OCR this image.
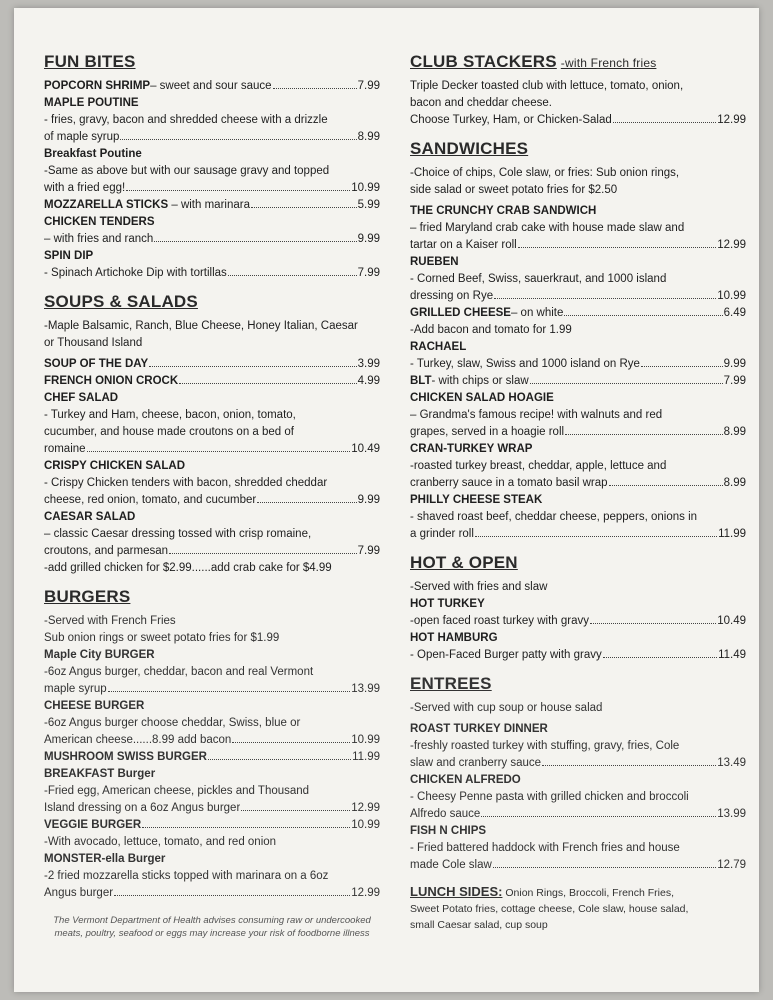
FUN BITES
POPCORN SHRIMP– sweet and sour sauce	7.99
MAPLE POUTINE
- fries, gravy, bacon and shredded cheese with a drizzle
of maple syrup	8.99
Breakfast Poutine
-Same as above but with our sausage gravy and topped
with a fried egg!	10.99
MOZZARELLA STICKS – with marinara	5.99
CHICKEN TENDERS
– with fries and ranch	9.99
SPIN DIP
- Spinach Artichoke Dip with tortillas	7.99
SOUPS & SALADS
-Maple Balsamic, Ranch, Blue Cheese, Honey Italian, Caesar
or Thousand Island
SOUP OF THE DAY	3.99
FRENCH ONION CROCK	4.99
CHEF SALAD
- Turkey and Ham, cheese, bacon, onion, tomato,
cucumber, and house made croutons on a bed of
romaine	10.49
CRISPY CHICKEN SALAD
- Crispy Chicken tenders with bacon, shredded cheddar
cheese, red onion, tomato, and cucumber	9.99
CAESAR SALAD
– classic Caesar dressing tossed with crisp romaine,
croutons, and parmesan	7.99
-add grilled chicken for $2.99......add crab cake for $4.99
BURGERS
-Served with French Fries
Sub onion rings or sweet potato fries for $1.99
Maple City BURGER
-6oz Angus burger, cheddar, bacon and real Vermont
maple syrup	13.99
CHEESE BURGER
-6oz Angus burger choose cheddar, Swiss, blue or
American cheese......8.99 add bacon	10.99
MUSHROOM SWISS BURGER	11.99
BREAKFAST Burger
-Fried egg, American cheese, pickles and Thousand
Island dressing on a 6oz Angus burger	12.99
VEGGIE BURGER	10.99
-With avocado, lettuce, tomato, and red onion
MONSTER-ella Burger
-2 fried mozzarella sticks topped with marinara on a 6oz
Angus burger	12.99
The Vermont Department of Health advises consuming raw or undercooked meats, poultry, seafood or eggs may increase your risk of foodborne illness
CLUB STACKERS -with French fries
Triple Decker toasted club with lettuce, tomato, onion,
bacon and cheddar cheese.
Choose Turkey, Ham, or Chicken-Salad	12.99
SANDWICHES
-Choice of chips, Cole slaw, or fries: Sub onion rings,
side salad or sweet potato fries for $2.50
THE CRUNCHY CRAB SANDWICH
– fried Maryland crab cake with house made slaw and
tartar on a Kaiser roll	12.99
RUEBEN
- Corned Beef, Swiss, sauerkraut, and 1000 island
dressing on Rye	10.99
GRILLED CHEESE– on white	6.49
-Add bacon and tomato for 1.99
RACHAEL
- Turkey, slaw, Swiss and 1000 island on Rye	9.99
BLT- with chips or slaw	7.99
CHICKEN SALAD HOAGIE
– Grandma's famous recipe! with walnuts and red
grapes, served in a hoagie roll	8.99
CRAN-TURKEY WRAP
-roasted turkey breast, cheddar, apple, lettuce and
cranberry sauce in a tomato basil wrap	8.99
PHILLY CHEESE STEAK
- shaved roast beef, cheddar cheese, peppers, onions in
a grinder roll	11.99
HOT & OPEN
-Served with fries and slaw
HOT TURKEY
-open faced roast turkey with gravy	10.49
HOT HAMBURG
- Open-Faced Burger patty with gravy	11.49
ENTREES
-Served with cup soup or house salad
ROAST TURKEY DINNER
-freshly roasted turkey with stuffing, gravy, fries, Cole
slaw and cranberry sauce	13.49
CHICKEN ALFREDO
- Cheesy Penne pasta with grilled chicken and broccoli
Alfredo sauce	13.99
FISH N CHIPS
- Fried battered haddock with French fries and house
made Cole slaw	12.79
LUNCH SIDES: Onion Rings, Broccoli, French Fries,
Sweet Potato fries, cottage cheese, Cole slaw, house salad,
small Caesar salad, cup soup
